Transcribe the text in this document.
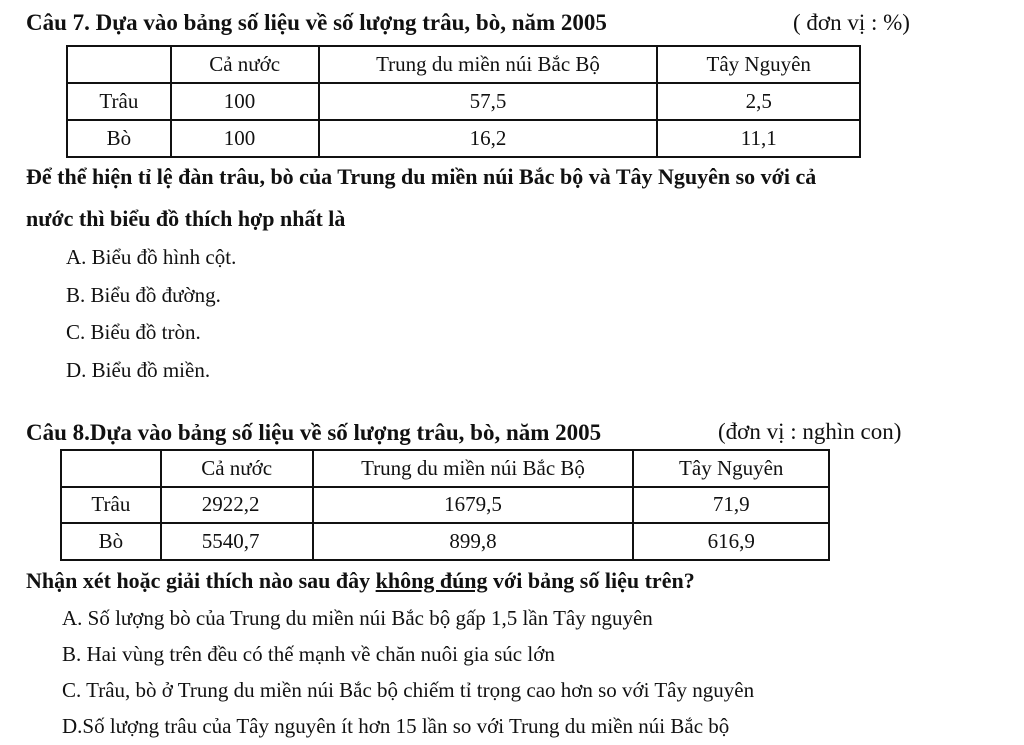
Câu 7. Dựa vào bảng số liệu về số lượng trâu, bò, năm 2005	( đơn vị : %)
	Cả nước	Trung du miền núi Bắc Bộ	Tây Nguyên
Trâu	100	57,5	2,5
Bò	100	16,2	11,1
Để thể hiện tỉ lệ đàn trâu, bò của Trung du miền núi Bắc bộ và Tây Nguyên so với cả
nước thì biểu đồ thích hợp nhất là
A. Biểu đồ hình cột.
B. Biểu đồ đường.
C. Biểu đồ tròn.
D. Biểu đồ miền.
Câu 8.Dựa vào bảng số liệu về số lượng trâu, bò, năm 2005	(đơn vị : nghìn con)
	Cả nước	Trung du miền núi Bắc Bộ	Tây Nguyên
Trâu	2922,2	1679,5	71,9
Bò	5540,7	899,8	616,9
Nhận xét hoặc giải thích nào sau đây không đúng với bảng số liệu trên?
A. Số lượng bò của Trung du miền núi Bắc bộ gấp 1,5 lần Tây nguyên
B. Hai vùng trên đều có thế mạnh về chăn nuôi gia súc lớn
C. Trâu, bò ở Trung du miền núi Bắc bộ chiếm tỉ trọng cao hơn so với Tây nguyên
D.Số lượng trâu của Tây nguyên ít hơn 15 lần so với Trung du miền núi Bắc bộ
